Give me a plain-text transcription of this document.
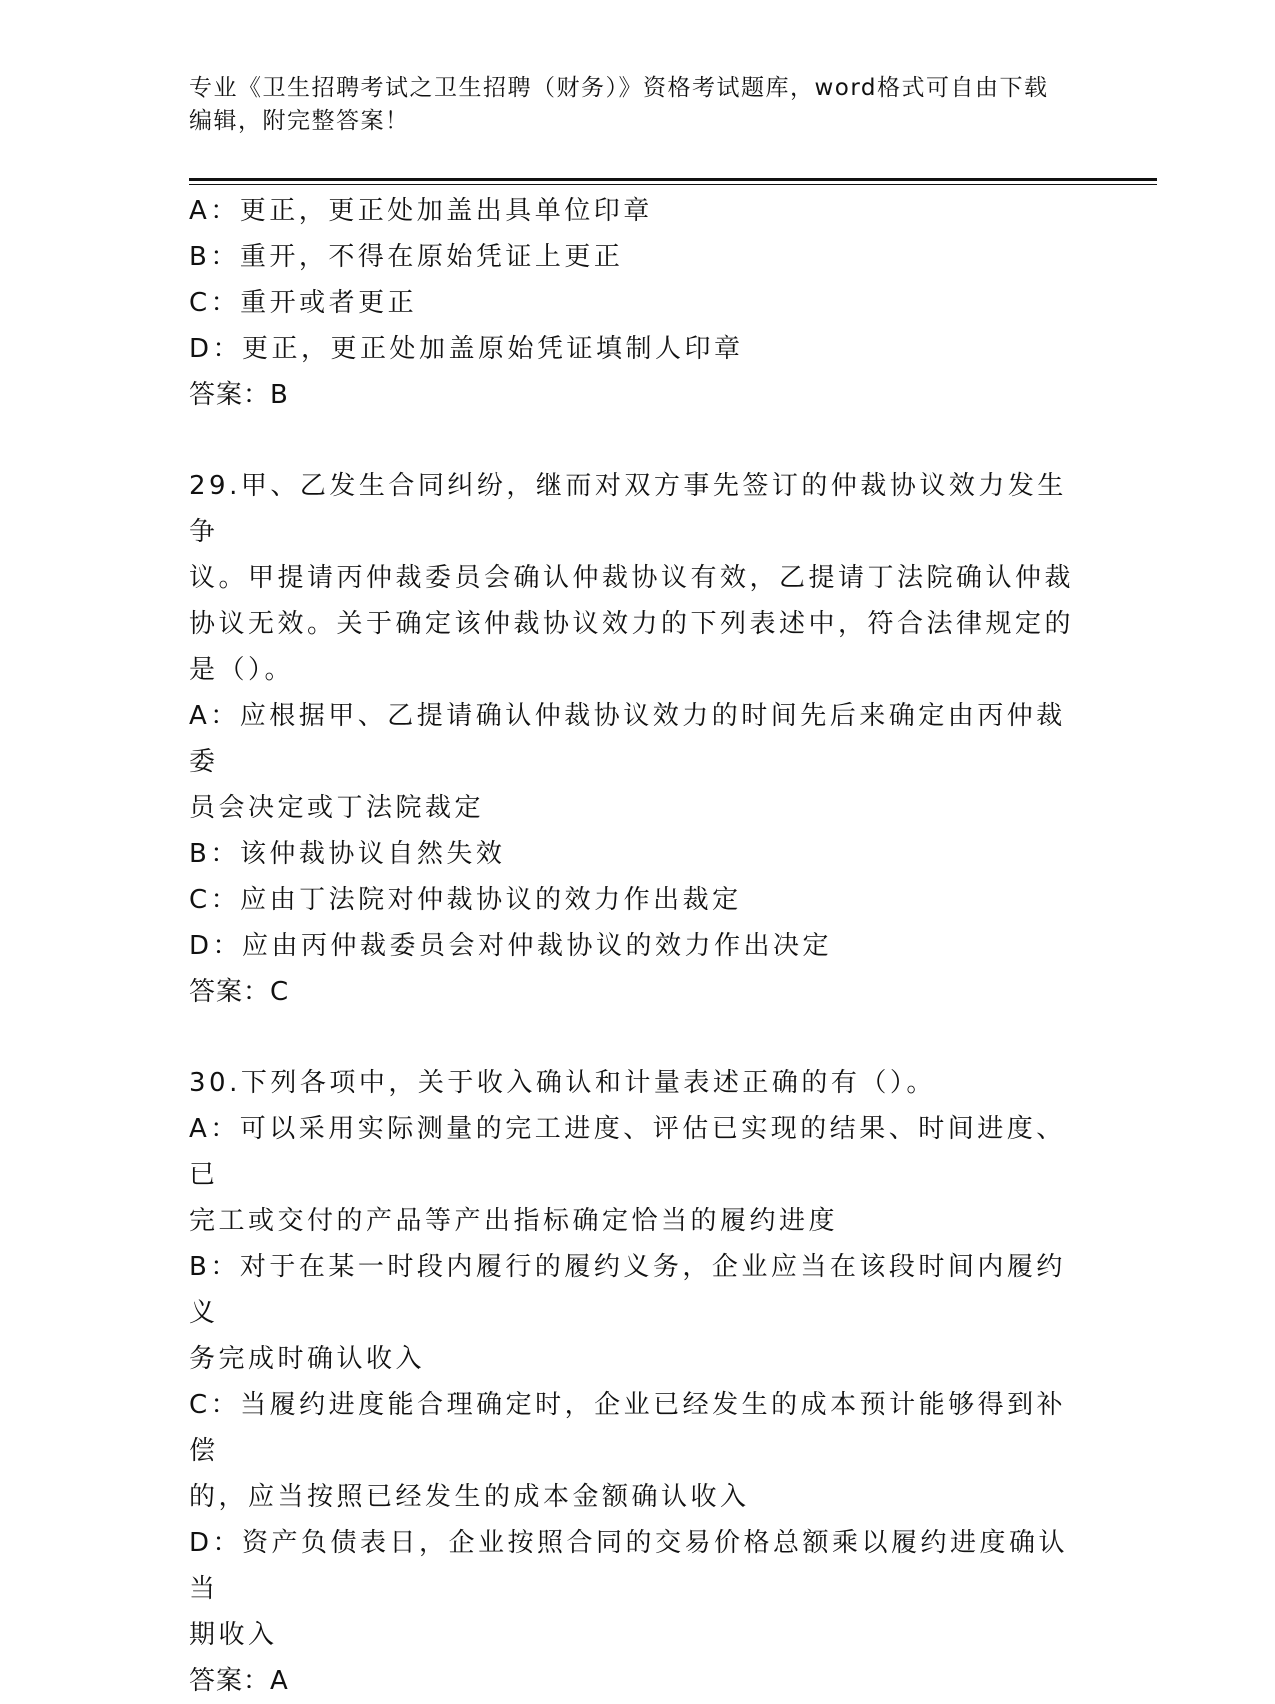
专业《卫生招聘考试之卫生招聘（财务）》资格考试题库，word格式可自由下载
编辑，附完整答案！
A：更正，更正处加盖出具单位印章
B：重开，不得在原始凭证上更正
C：重开或者更正
D：更正，更正处加盖原始凭证填制人印章
答案：B
29.甲、乙发生合同纠纷，继而对双方事先签订的仲裁协议效力发生争
议。甲提请丙仲裁委员会确认仲裁协议有效，乙提请丁法院确认仲裁
协议无效。关于确定该仲裁协议效力的下列表述中，符合法律规定的
是（）。
A：应根据甲、乙提请确认仲裁协议效力的时间先后来确定由丙仲裁委
员会决定或丁法院裁定
B：该仲裁协议自然失效
C：应由丁法院对仲裁协议的效力作出裁定
D：应由丙仲裁委员会对仲裁协议的效力作出决定
答案：C
30.下列各项中，关于收入确认和计量表述正确的有（）。
A：可以采用实际测量的完工进度、评估已实现的结果、时间进度、已
完工或交付的产品等产出指标确定恰当的履约进度
B：对于在某一时段内履行的履约义务，企业应当在该段时间内履约义
务完成时确认收入
C：当履约进度能合理确定时，企业已经发生的成本预计能够得到补偿
的，应当按照已经发生的成本金额确认收入
D：资产负债表日，企业按照合同的交易价格总额乘以履约进度确认当
期收入
答案：A
